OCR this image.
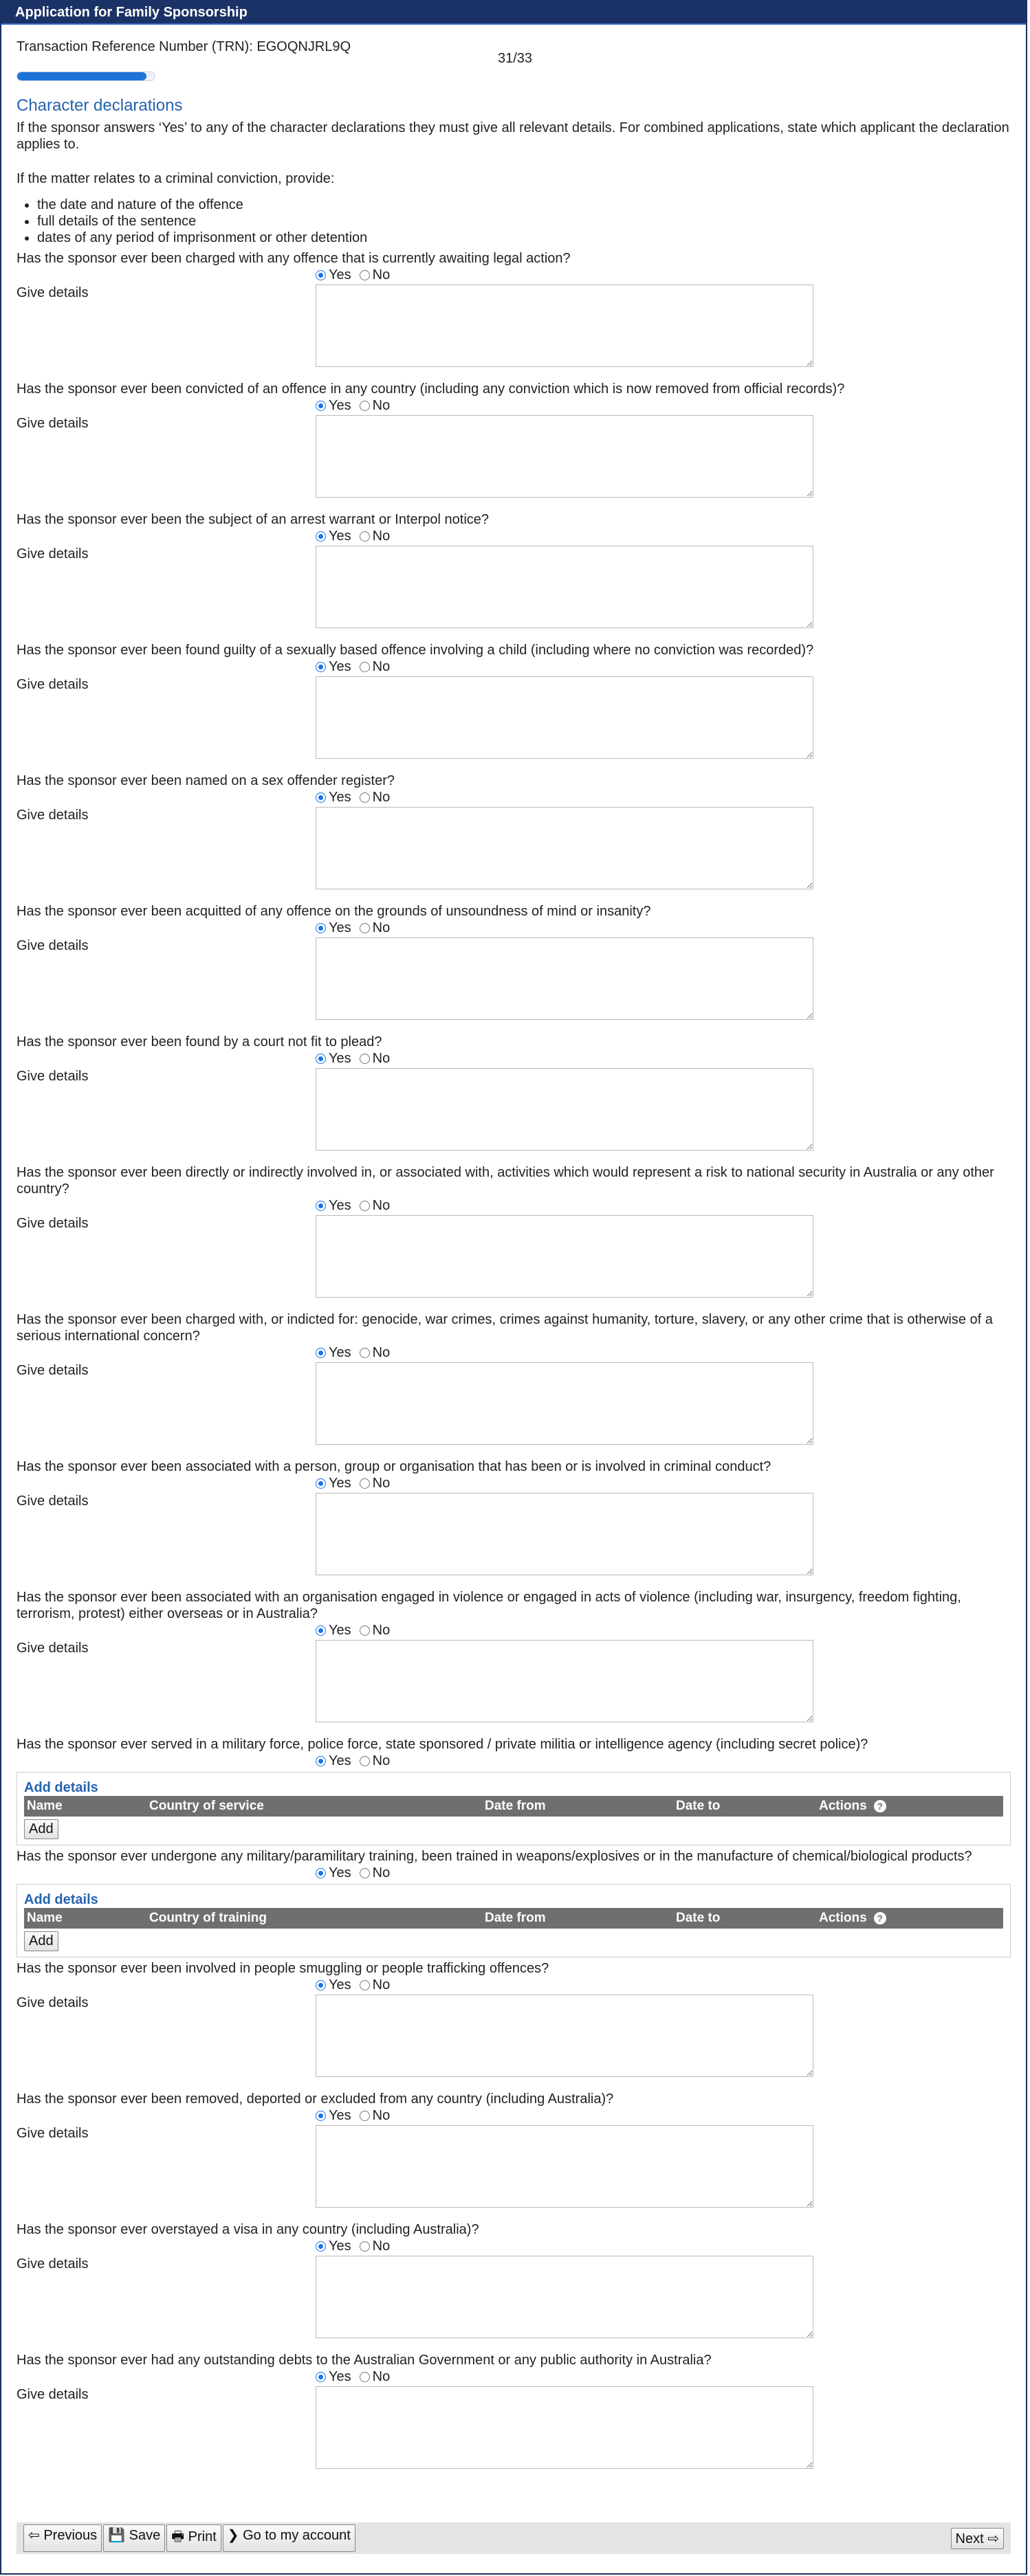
Application for Family Sponsorship
Transaction Reference Number (TRN): EGOQNJRL9Q
31/33
Character declarations

If the sponsor answers ‘Yes’ to any of the character declarations they must give all relevant details. For combined applications, state which applicant the declaration applies to.

If the matter relates to a criminal conviction, provide:

• the date and nature of the offence
• full details of the sentence
• dates of any period of imprisonment or other detention
Has the sponsor ever been charged with any offence that is currently awaiting legal action?
Yes No
Give details
Has the sponsor ever been convicted of an offence in any country (including any conviction which is now removed from official records)?
Yes No
Give details
Has the sponsor ever been the subject of an arrest warrant or Interpol notice?
Yes No
Give details
Has the sponsor ever been found guilty of a sexually based offence involving a child (including where no conviction was recorded)?
Yes No
Give details
Has the sponsor ever been named on a sex offender register?
Yes No
Give details
Has the sponsor ever been acquitted of any offence on the grounds of unsoundness of mind or insanity?
Yes No
Give details
Has the sponsor ever been found by a court not fit to plead?
Yes No
Give details
Has the sponsor ever been directly or indirectly involved in, or associated with, activities which would represent a risk to national security in Australia or any other country?
Yes No
Give details
Has the sponsor ever been charged with, or indicted for: genocide, war crimes, crimes against humanity, torture, slavery, or any other crime that is otherwise of a serious international concern?
Yes No
Give details
Has the sponsor ever been associated with a person, group or organisation that has been or is involved in criminal conduct?
Yes No
Give details
Has the sponsor ever been associated with an organisation engaged in violence or engaged in acts of violence (including war, insurgency, freedom fighting, terrorism, protest) either overseas or in Australia?
Yes No
Give details
Has the sponsor ever served in a military force, police force, state sponsored / private militia or intelligence agency (including secret police)?
Yes No
Add details
Name	Country of service	Date from	Date to	Actions ?
Add
Has the sponsor ever undergone any military/paramilitary training, been trained in weapons/explosives or in the manufacture of chemical/biological products?
Yes No
Add details
Name	Country of training	Date from	Date to	Actions ?
Add
Has the sponsor ever been involved in people smuggling or people trafficking offences?
Yes No
Give details
Has the sponsor ever been removed, deported or excluded from any country (including Australia)?
Yes No
Give details
Has the sponsor ever overstayed a visa in any country (including Australia)?
Yes No
Give details
Has the sponsor ever had any outstanding debts to the Australian Government or any public authority in Australia?
Yes No
Give details
⇦ Previous 💾 Save 🖶 Print ❯ Go to my account	Next ⇨
